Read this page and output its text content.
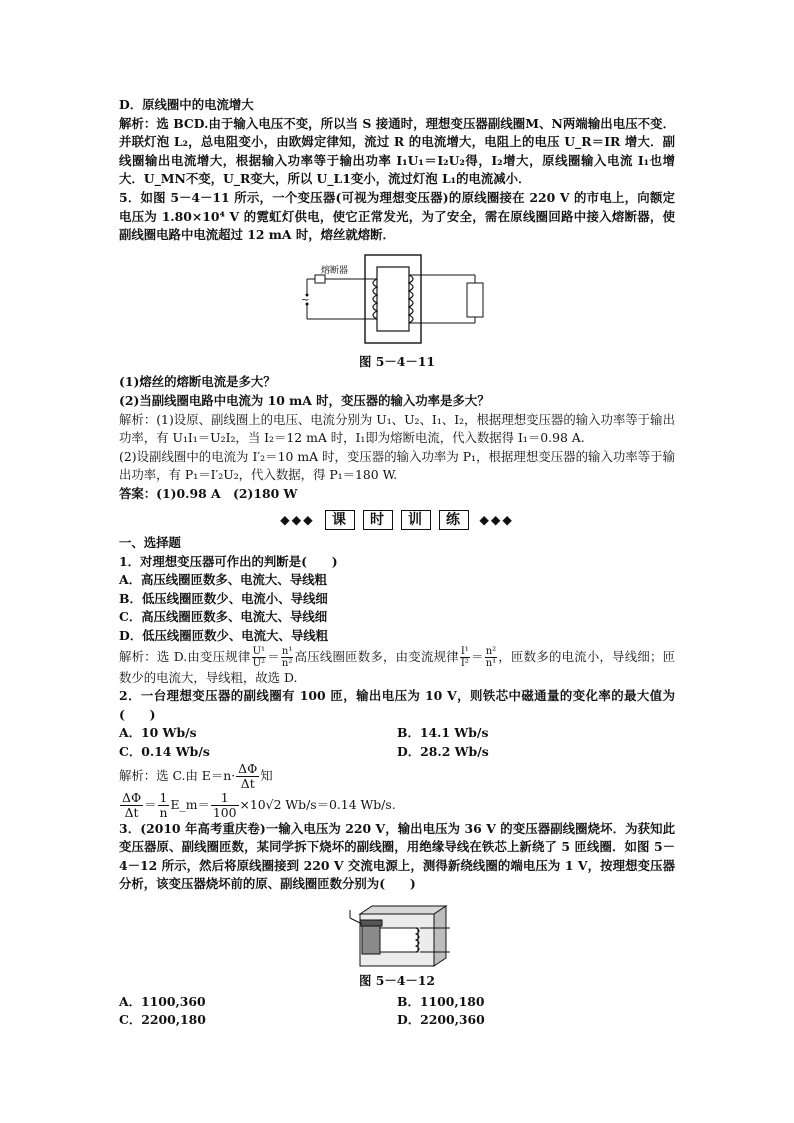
D．原线圈中的电流增大

解析：选 BCD.由于输入电压不变，所以当 S 接通时，理想变压器副线圈M、N两端输出电压不变．并联灯泡 L₂，总电阻变小，由欧姆定律知，流过 R 的电流增大，电阻上的电压 U_R＝IR 增大．副线圈输出电流增大，根据输入功率等于输出功率 I₁U₁＝I₂U₂得，I₂增大，原线圈输入电流 I₁也增大．U_MN不变，U_R变大，所以 U_L1变小，流过灯泡 L₁的电流减小．

5．如图 5－4－11 所示，一个变压器(可视为理想变压器)的原线圈接在 220 V 的市电上，向额定电压为 1.80×10⁴ V 的霓虹灯供电，使它正常发光，为了安全，需在原线圈回路中接入熔断器，使副线圈电路中电流超过 12 mA 时，熔丝就熔断．

~
熔断器

图 5－4－11

(1)熔丝的熔断电流是多大？

(2)当副线圈电路中电流为 10 mA 时，变压器的输入功率是多大？

解析：(1)设原、副线圈上的电压、电流分别为 U₁、U₂、I₁、I₂，根据理想变压器的输入功率等于输出功率，有 U₁I₁＝U₂I₂，当 I₂＝12 mA 时，I₁即为熔断电流，代入数据得 I₁＝0.98 A.

(2)设副线圈中的电流为 I′₂＝10 mA 时，变压器的输入功率为 P₁，根据理想变压器的输入功率等于输出功率，有 P₁＝I′₂U₂，代入数据，得 P₁＝180 W.

答案：(1)0.98 A　(2)180 W

◆◆◆ 课 时 训 练 ◆◆◆

一、选择题

1．对理想变压器可作出的判断是(　　)

A．高压线圈匝数多、电流大、导线粗

B．低压线圈匝数少、电流小、导线细

C．高压线圈匝数多、电流大、导线细

D．低压线圈匝数少、电流大、导线粗

解析：选 D.由变压规律 $\frac{\text{U¹}}{\text{U²}} = \frac{\text{n¹}}{\text{n²}}$ 高压线圈匝数多，由变流规律 $\frac{\text{I¹}}{\text{I²}} = \frac{\text{n²}}{\text{n¹}}$ ，匝数多的电流小，导线细；匝数少的电流大，导线粗，故选 D.

2．一台理想变压器的副线圈有 100 匝，输出电压为 10 V，则铁芯中磁通量的变化率的最大值为(　　)

A．10 Wb/s	B．14.1 Wb/s
C．0.14 Wb/s	D．28.2 Wb/s

解析：选 C.由 $E=n\cdot \frac{\Delta\Phi}{\Delta t}$ 知

$\frac{\Delta\Phi}{\Delta t} = \frac{1}{n}$ E_m＝ $\frac{1}{100} \times 10√2$ Wb/s＝0.14 Wb/s.

3．(2010 年高考重庆卷)一输入电压为 220 V，输出电压为 36 V 的变压器副线圈烧坏．为获知此变压器原、副线圈匝数，某同学拆下烧坏的副线圈，用绝缘导线在铁芯上新绕了 5 匝线圈．如图 5－4－12 所示，然后将原线圈接到 220 V 交流电源上，测得新绕线圈的端电压为 1 V，按理想变压器分析，该变压器烧坏前的原、副线圈匝数分别为(　　)

图 5－4－12

A．1100,360	B．1100,180
C．2200,180	D．2200,360
